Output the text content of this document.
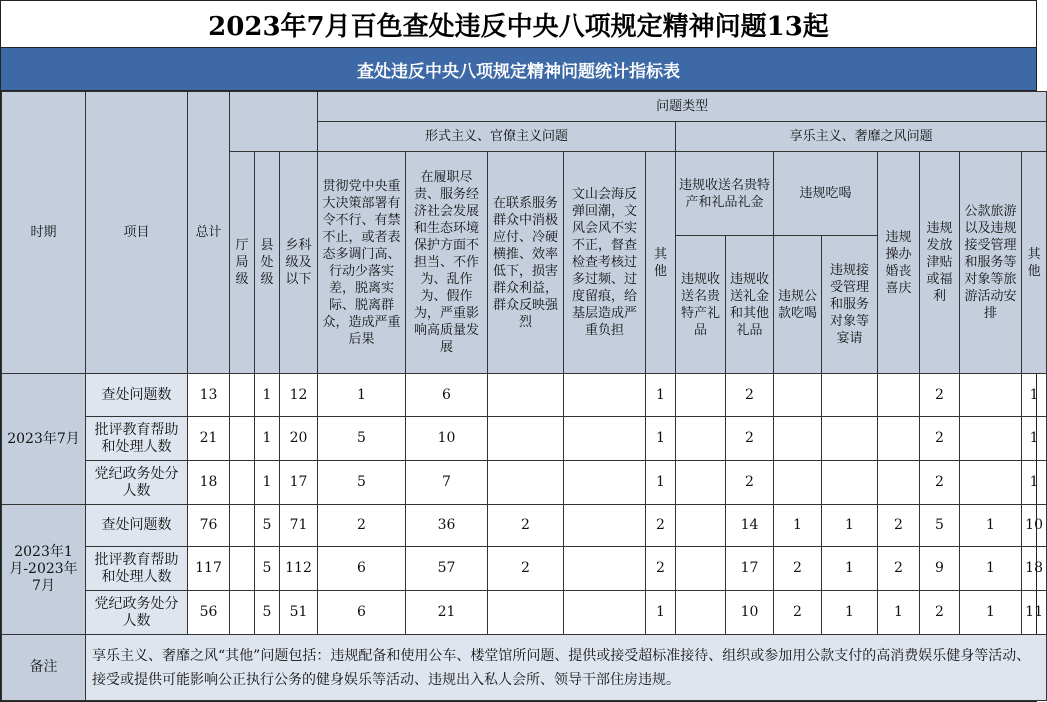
2023年7月百色查处违反中央八项规定精神问题13起
查处违反中央八项规定精神问题统计指标表
时期	项目	总计				问题类型												
						形式主义、官僚主义问题					享乐主义、奢靡之风问题							
			厅局级	县处级	乡科级及以下	贯彻党中央重大决策部署有令不行、有禁不止，或者表态多调门高、行动少落实差，脱离实际、脱离群众，造成严重后果	在履职尽责、服务经济社会发展和生态环境保护方面不担当、不作为、乱作为、假作为，严重影响高质量发展	在联系服务群众中消极应付、冷硬横推、效率低下，损害群众利益，群众反映强烈	文山会海反弹回潮，文风会风不实不正，督查检查考核过多过频、过度留痕，给基层造成严重负担	其他	违规收送名贵特产和礼品礼金		违规吃喝		违规操办婚丧喜庆	违规发放津贴或福利	公款旅游以及违规接受管理和服务等对象等旅游活动安排	其他
											违规收送名贵特产礼品	违规收送礼金和其他礼品	违规公款吃喝	违规接受管理和服务对象等宴请				
2023年7月	查处问题数	13		1	12	1	6			1		2				2		1
	批评教育帮助和处理人数	21		1	20	5	10			1		2				2		1
	党纪政务处分人数	18		1	17	5	7			1		2				2		1
2023年1月-2023年7月	查处问题数	76		5	71	2	36	2		2		14	1	1	2	5	1	10
	批评教育帮助和处理人数	117		5	112	6	57	2		2		17	2	1	2	9	1	18
	党纪政务处分人数	56		5	51	6	21			1		10	2	1	1	2	1	11
备注	享乐主义、奢靡之风“其他”问题包括：违规配备和使用公车、楼堂馆所问题、提供或接受超标准接待、组织或参加用公款支付的高消费娱乐健身等活动、接受或提供可能影响公正执行公务的健身娱乐等活动、违规出入私人会所、领导干部住房违规。																	
